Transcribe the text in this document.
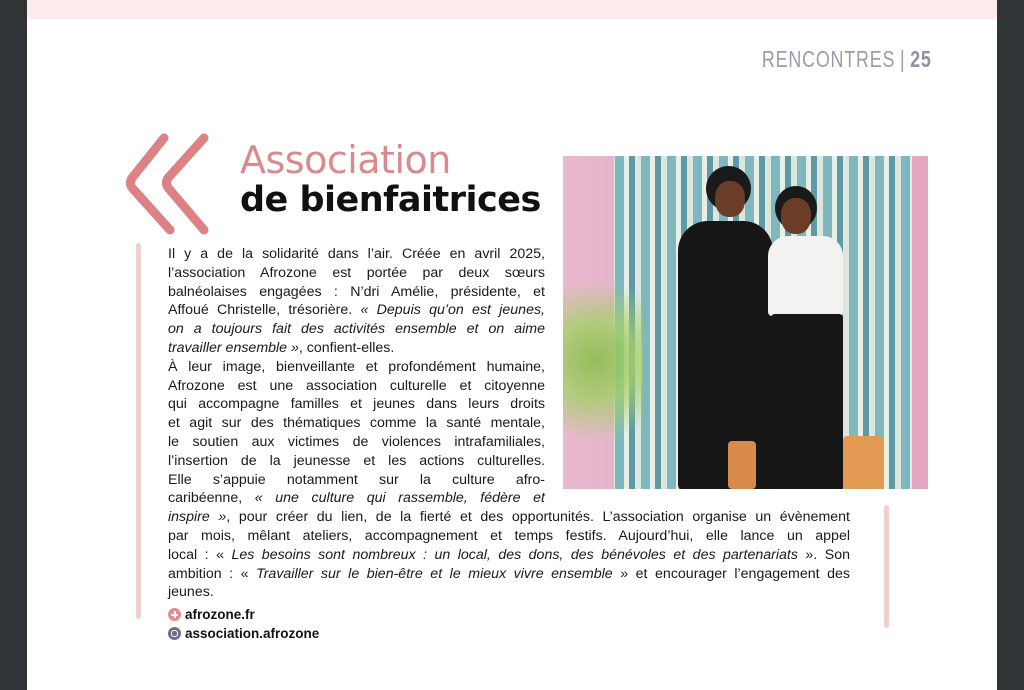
RENCONTRES | 25
Association
de bienfaitrices
Il y a de la solidarité dans l’air. Créée en avril 2025,
l’association Afrozone est portée par deux sœurs
balnéolaises engagées : N’dri Amélie, présidente, et
Affoué Christelle, trésorière. « Depuis qu’on est jeunes,
on a toujours fait des activités ensemble et on aime
travailler ensemble », confient-elles.
À leur image, bienveillante et profondément humaine,
Afrozone est une association culturelle et citoyenne
qui accompagne familles et jeunes dans leurs droits
et agit sur des thématiques comme la santé mentale,
le soutien aux victimes de violences intrafamiliales,
l’insertion de la jeunesse et les actions culturelles.
Elle s’appuie notamment sur la culture afro-
caribéenne, « une culture qui rassemble, fédère et
inspire », pour créer du lien, de la fierté et des opportunités. L’association organise un évènement
par mois, mêlant ateliers, accompagnement et temps festifs. Aujourd’hui, elle lance un appel
local : « Les besoins sont nombreux : un local, des dons, des bénévoles et des partenariats ». Son
ambition : « Travailler sur le bien-être et le mieux vivre ensemble » et encourager l’engagement des
jeunes.
afrozone.fr
association.afrozone
